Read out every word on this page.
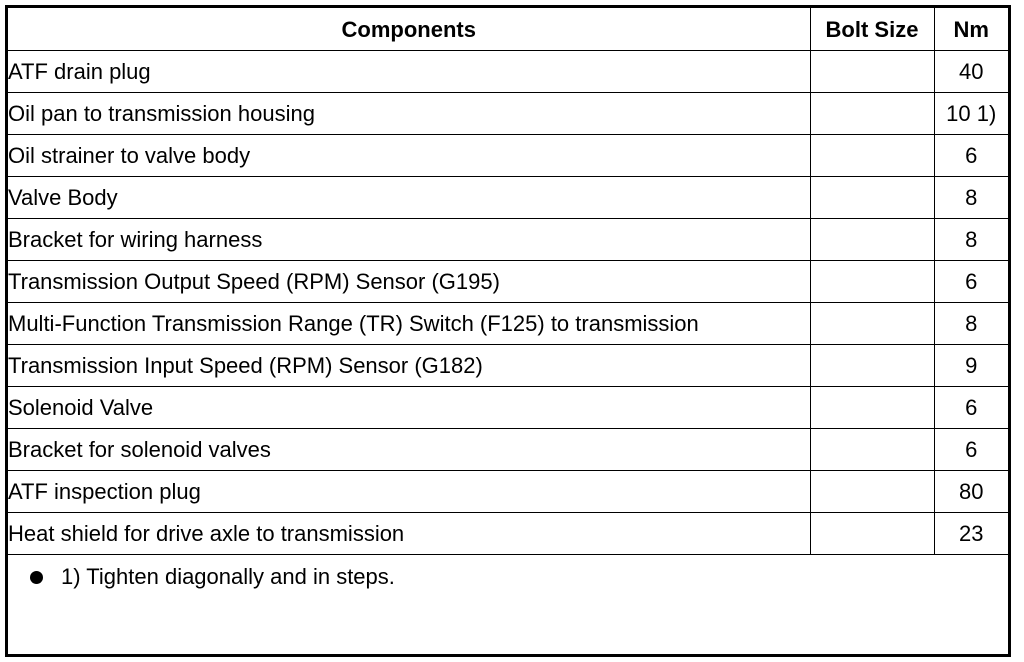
Components	Bolt Size	Nm
ATF drain plug		40
Oil pan to transmission housing		10 1)
Oil strainer to valve body		6
Valve Body		8
Bracket for wiring harness		8
Transmission Output Speed (RPM) Sensor (G195)		6
Multi-Function Transmission Range (TR) Switch (F125) to transmission		8
Transmission Input Speed (RPM) Sensor (G182)		9
Solenoid Valve		6
Bracket for solenoid valves		6
ATF inspection plug		80
Heat shield for drive axle to transmission		23
1) Tighten diagonally and in steps.
